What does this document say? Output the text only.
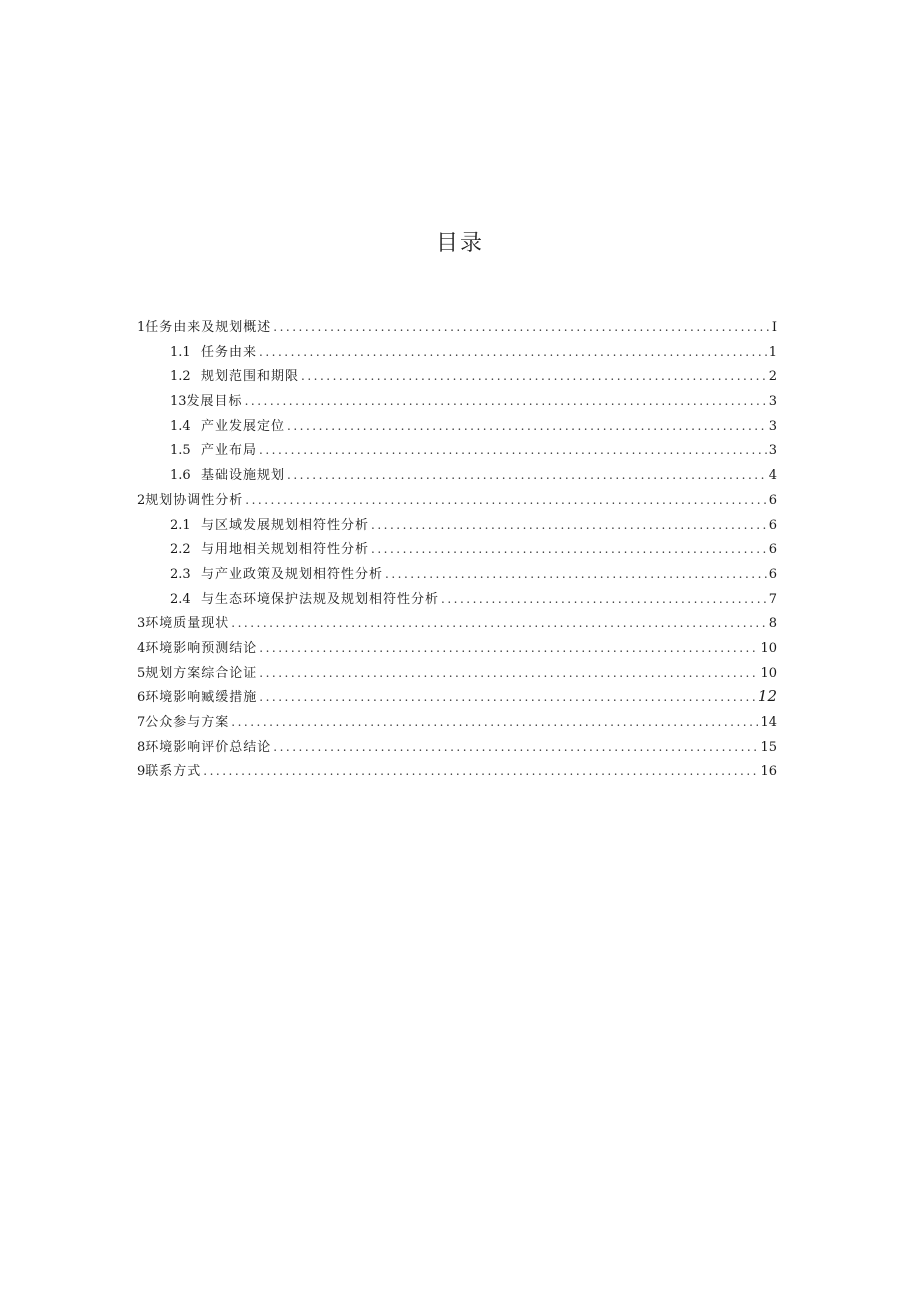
目录
1 任务由来及规划概述 .....	I
1.1 任务由来 .....	1
1.2 规划范围和期限 .....	2
13 发展目标 .....	3
1.4 产业发展定位 .....	3
1.5 产业布局 .....	3
1.6 基础设施规划 .....	4
2 规划协调性分析 .....	6
2.1 与区域发展规划相符性分析 .....	6
2.2 与用地相关规划相符性分析 .....	6
2.3 与产业政策及规划相符性分析 .....	6
2.4 与生态环境保护法规及规划相符性分析 .....	7
3 环境质量现状 .....	8
4 环境影响预测结论 .....	10
5 规划方案综合论证 .....	10
6 环境影响臧缓措施 .....	12
7 公众参与方案 .....	14
8 环境影响评价总结论 .....	15
9 联系方式 .....	16
